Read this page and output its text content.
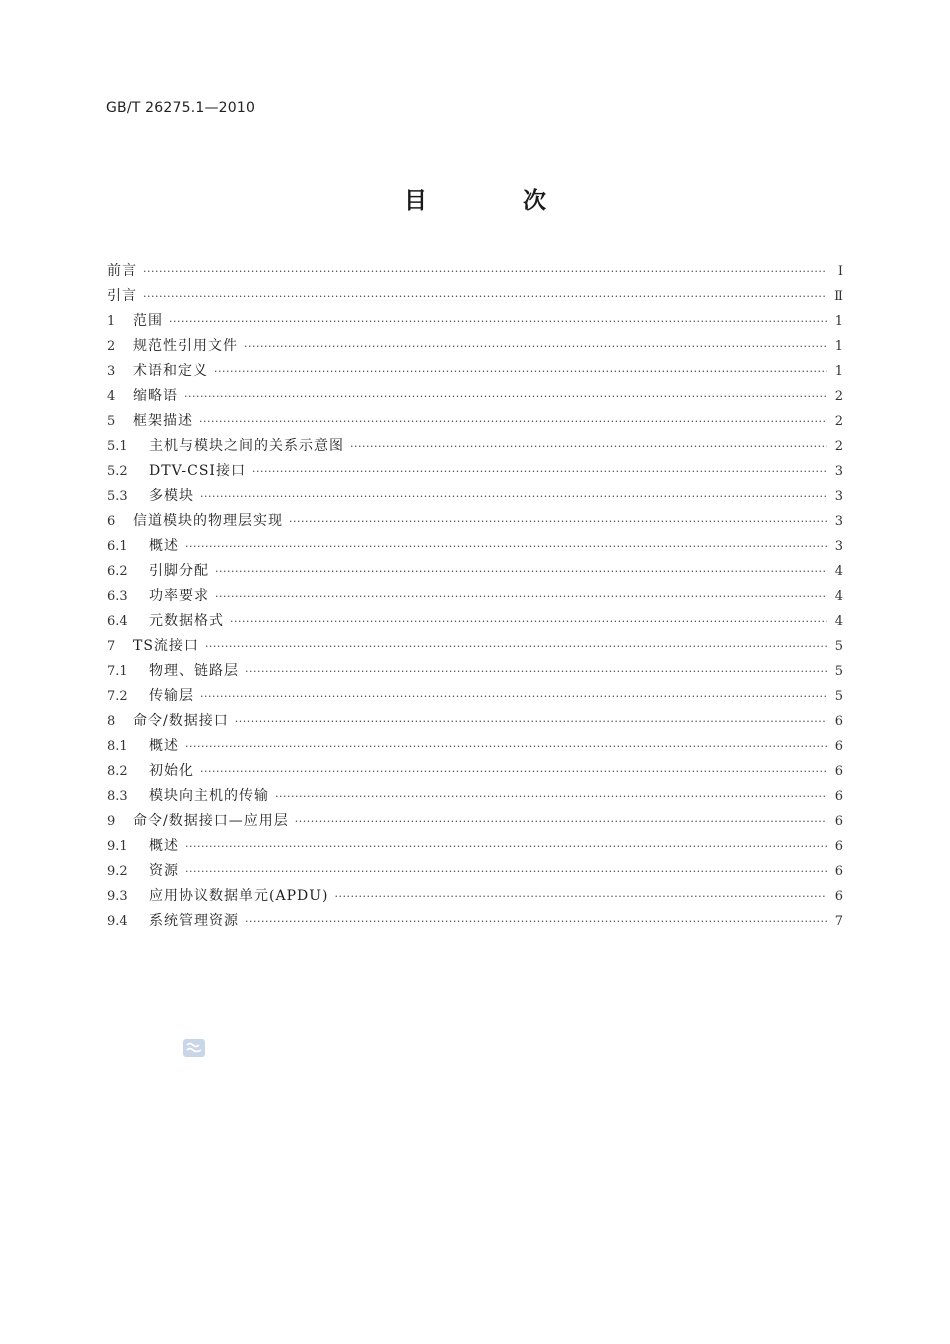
GB/T 26275.1—2010
目 次
前言 ·····	Ⅰ
引言 ·····	Ⅱ
1	范围 ·····	1
2	规范性引用文件 ·····	1
3	术语和定义 ·····	1
4	缩略语 ·····	2
5	框架描述 ·····	2
5.1	主机与模块之间的关系示意图 ·····	2
5.2	DTV-CSI接口 ·····	3
5.3	多模块 ·····	3
6	信道模块的物理层实现 ·····	3
6.1	概述 ·····	3
6.2	引脚分配 ·····	4
6.3	功率要求 ·····	4
6.4	元数据格式 ·····	4
7	TS流接口 ·····	5
7.1	物理、链路层 ·····	5
7.2	传输层 ·····	5
8	命令/数据接口 ·····	6
8.1	概述 ·····	6
8.2	初始化 ·····	6
8.3	模块向主机的传输 ·····	6
9	命令/数据接口—应用层 ·····	6
9.1	概述 ·····	6
9.2	资源 ·····	6
9.3	应用协议数据单元(APDU) ·····	6
9.4	系统管理资源 ·····	7
